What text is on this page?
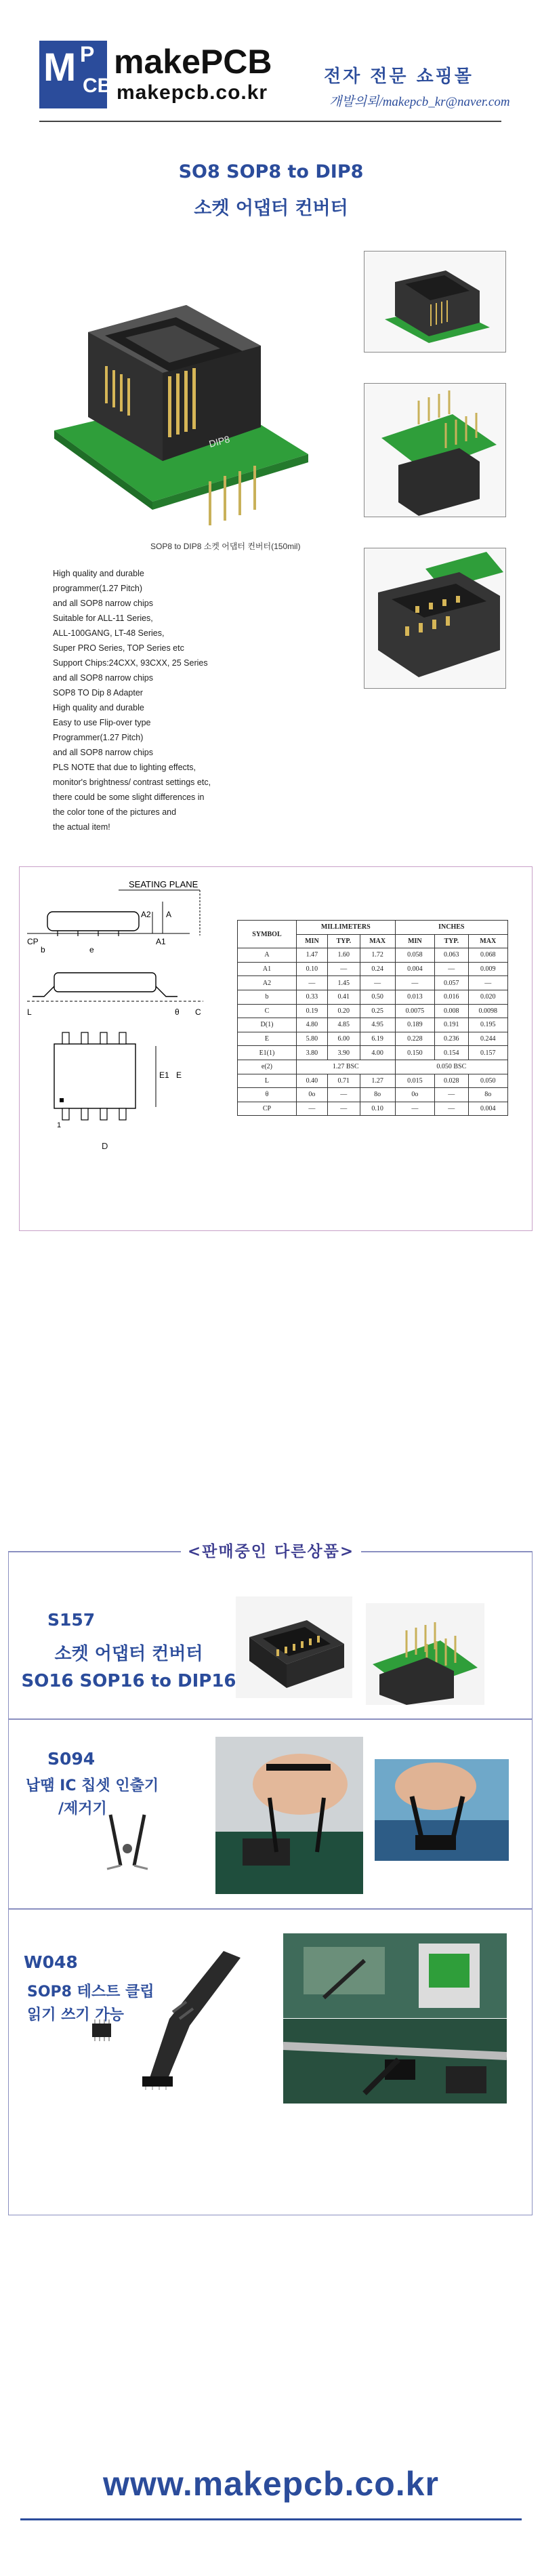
M P
CB
makePCB
makepcb.co.kr
전자 전문 쇼핑몰
개발의뢰/makepcb_kr@naver.com
SO8 SOP8 to DIP8
소켓 어댑터 컨버터
DIP8
SOP8 to DIP8 소켓 어댑터 컨버터(150mil)
High quality and durable
programmer(1.27 Pitch)
and all SOP8 narrow chips
Suitable for ALL-11 Series,
ALL-100GANG, LT-48 Series,
Super PRO Series, TOP Series etc
Support Chips:24CXX, 93CXX, 25 Series
and all SOP8 narrow chips
SOP8 TO Dip 8 Adapter
High quality and durable
Easy to use Flip-over type
Programmer(1.27 Pitch)
and all SOP8 narrow chips
PLS NOTE that due to lighting effects,
monitor's brightness/ contrast settings etc,
there could be some slight differences in
the color tone of the pictures and
the actual item!
SEATING PLANE
A2 A
A1
CP
b	e
L	θ C
1
E1 E
D
SYMBOL	MILLIMETERS			INCHES		
	MIN	TYP.	MAX	MIN	TYP.	MAX
A	1.47	1.60	1.72	0.058	0.063	0.068
A1	0.10	—	0.24	0.004	—	0.009
A2	—	1.45	—	—	0.057	—
b	0.33	0.41	0.50	0.013	0.016	0.020
C	0.19	0.20	0.25	0.0075	0.008	0.0098
D(1)	4.80	4.85	4.95	0.189	0.191	0.195
E	5.80	6.00	6.19	0.228	0.236	0.244
E1(1)	3.80	3.90	4.00	0.150	0.154	0.157
e(2)	1.27 BSC			0.050 BSC		
L	0.40	0.71	1.27	0.015	0.028	0.050
θ	0o	—	8o	0o	—	8o
CP	—	—	0.10	—	—	0.004
<판매중인 다른상품>
S157
소켓 어댑터 컨버터
SO16 SOP16 to DIP16
S094
납땜 IC 칩셋 인출기
/제거기
W048
SOP8 테스트 클립
읽기 쓰기 가능
www.makepcb.co.kr
